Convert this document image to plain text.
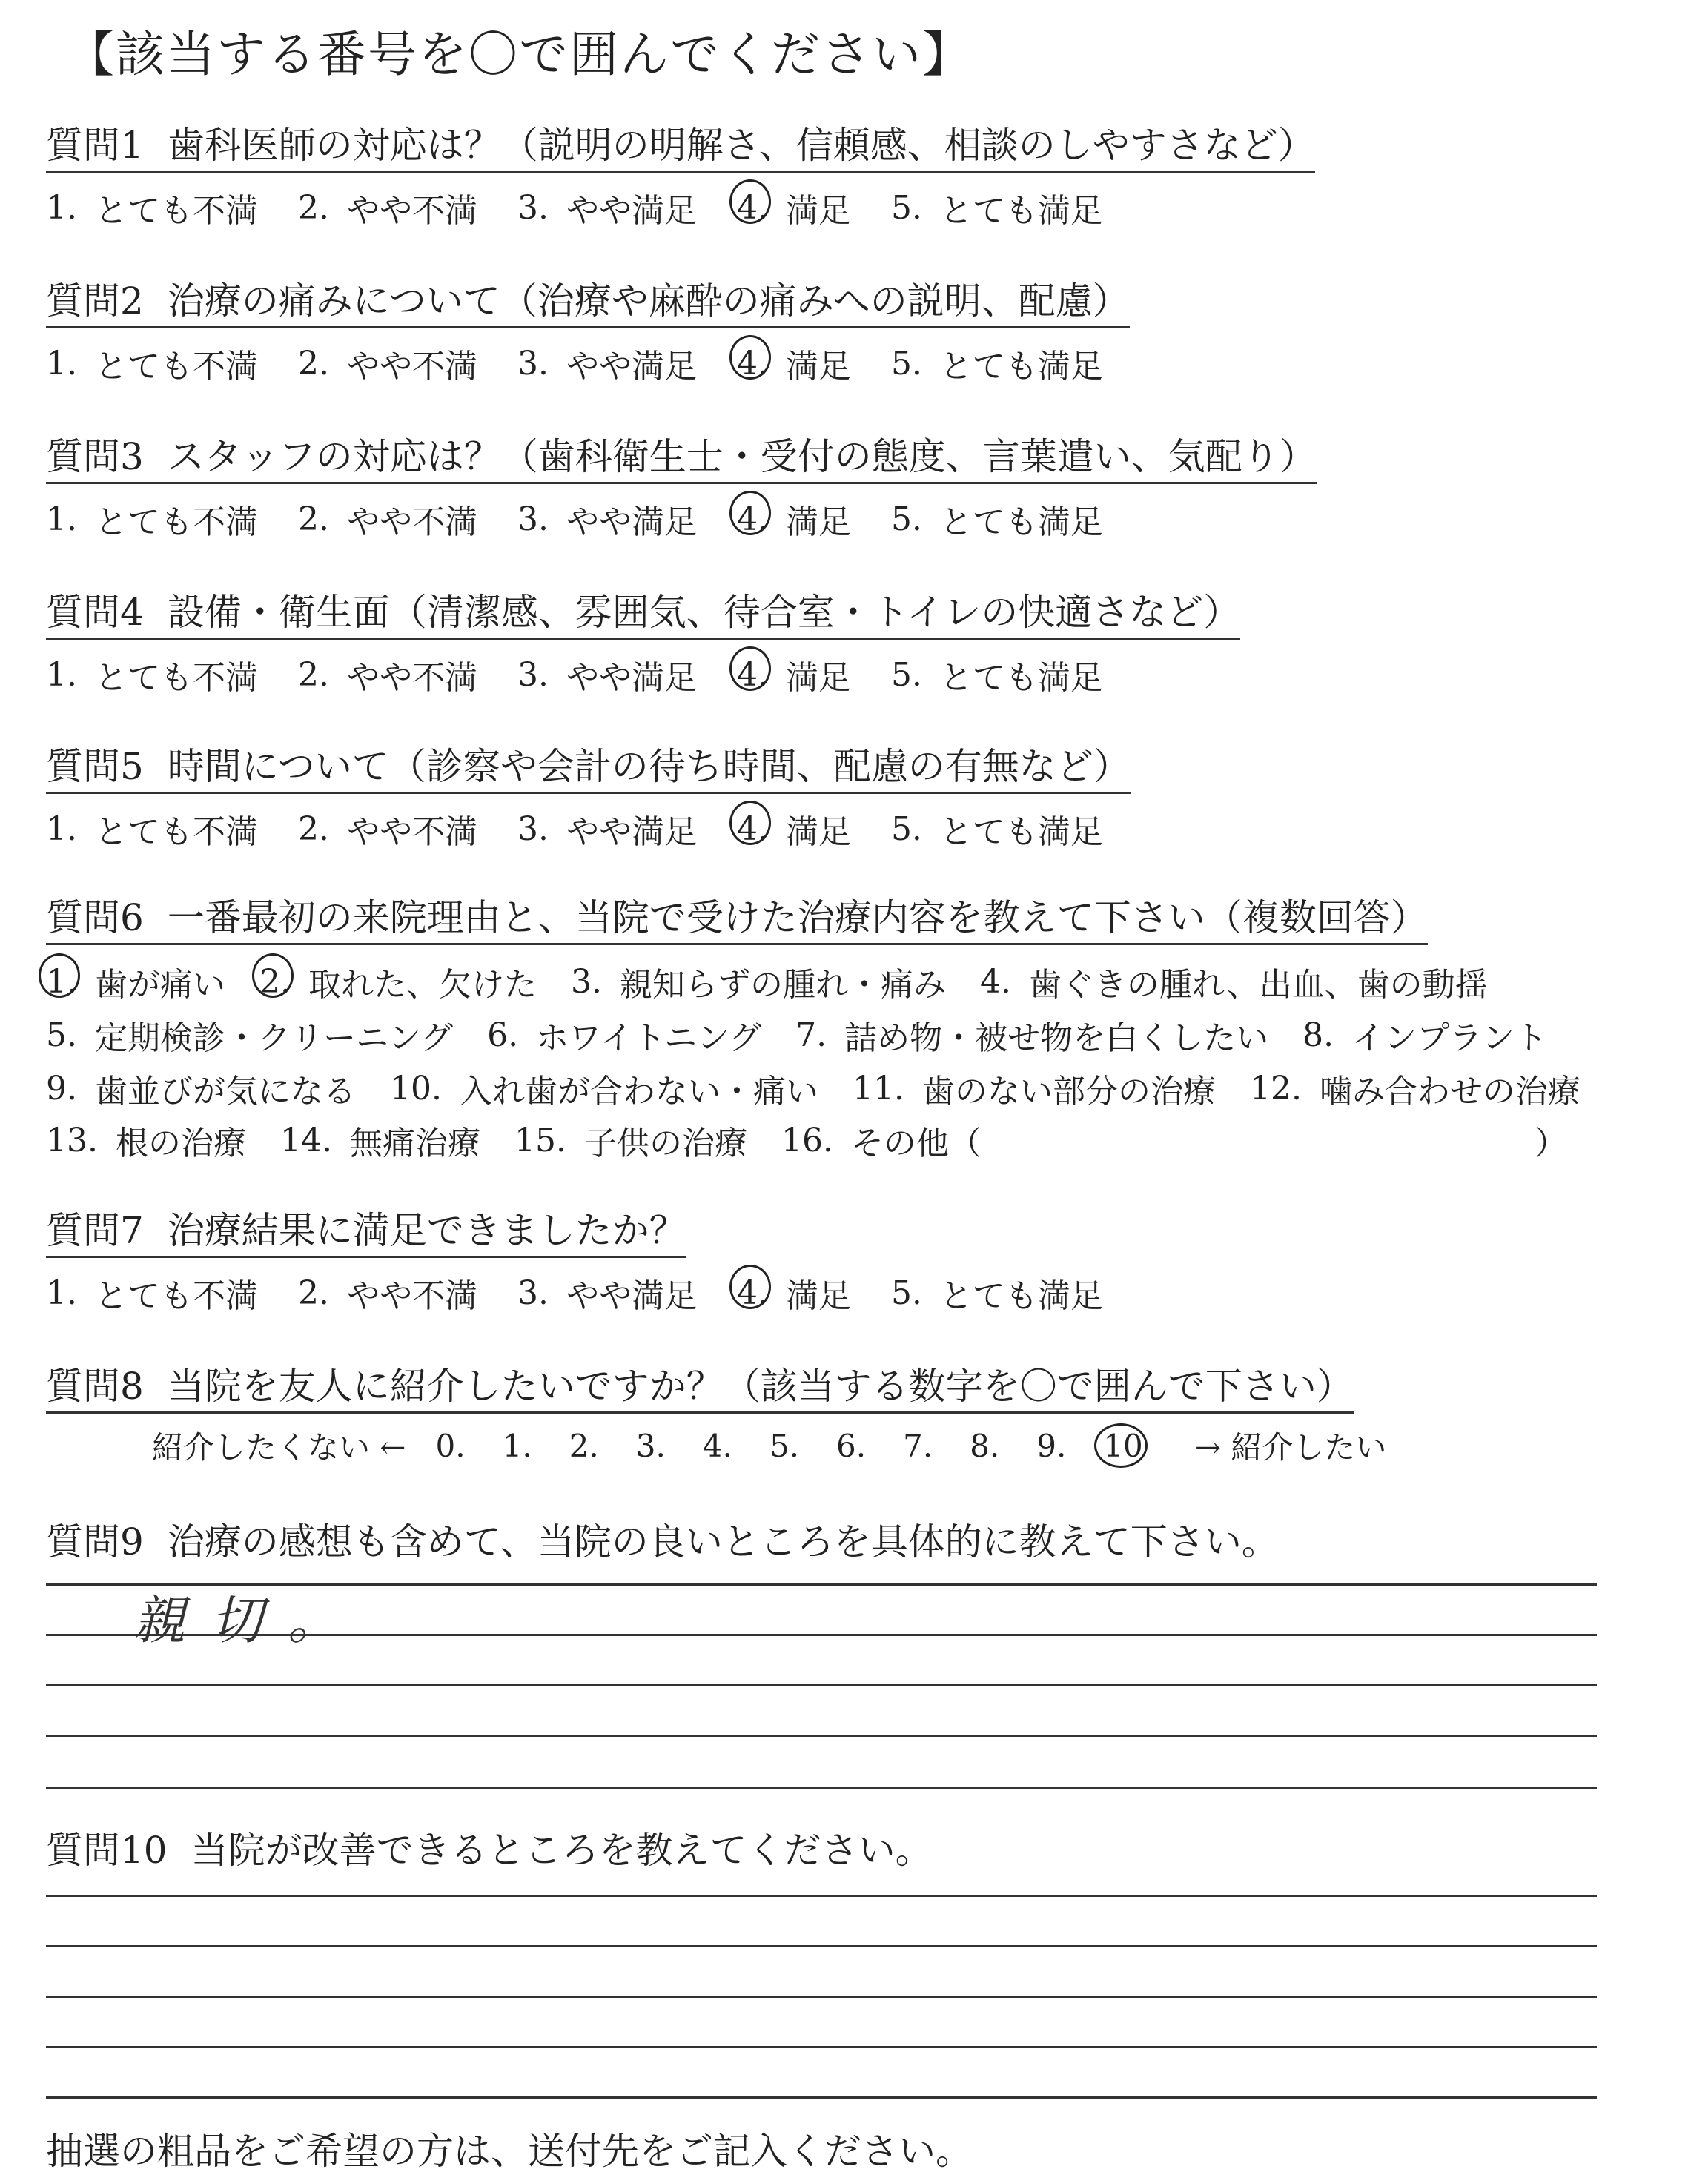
【該当する番号を〇で囲んでください】
質問1 歯科医師の対応は？（説明の明解さ、信頼感、相談のしやすさなど）
1. とても不満 2. やや不満 3. やや満足 4. 満足 5. とても満足
質問2 治療の痛みについて（治療や麻酔の痛みへの説明、配慮）
1. とても不満 2. やや不満 3. やや満足 4. 満足 5. とても満足
質問3 スタッフの対応は？（歯科衛生士・受付の態度、言葉遣い、気配り）
1. とても不満 2. やや不満 3. やや満足 4. 満足 5. とても満足
質問4 設備・衛生面（清潔感、雰囲気、待合室・トイレの快適さなど）
1. とても不満 2. やや不満 3. やや満足 4. 満足 5. とても満足
質問5 時間について（診察や会計の待ち時間、配慮の有無など）
1. とても不満 2. やや不満 3. やや満足 4. 満足 5. とても満足
質問6 一番最初の来院理由と、当院で受けた治療内容を教えて下さい（複数回答）
1. 歯が痛い 2. 取れた、欠けた 3. 親知らずの腫れ・痛み 4. 歯ぐきの腫れ、出血、歯の動揺
5. 定期検診・クリーニング 6. ホワイトニング 7. 詰め物・被せ物を白くしたい 8. インプラント
9. 歯並びが気になる 10. 入れ歯が合わない・痛い 11. 歯のない部分の治療 12. 噛み合わせの治療
13. 根の治療 14. 無痛治療 15. 子供の治療 16. その他（	）
質問7 治療結果に満足できましたか？
1. とても不満 2. やや不満 3. やや満足 4. 満足 5. とても満足
質問8 当院を友人に紹介したいですか？（該当する数字を〇で囲んで下さい）
紹介したくない ← 0. 1. 2. 3. 4. 5. 6. 7. 8. 9. 10 → 紹介したい
質問9 治療の感想も含めて、当院の良いところを具体的に教えて下さい。
親切。
質問10 当院が改善できるところを教えてください。
抽選の粗品をご希望の方は、送付先をご記入ください。
